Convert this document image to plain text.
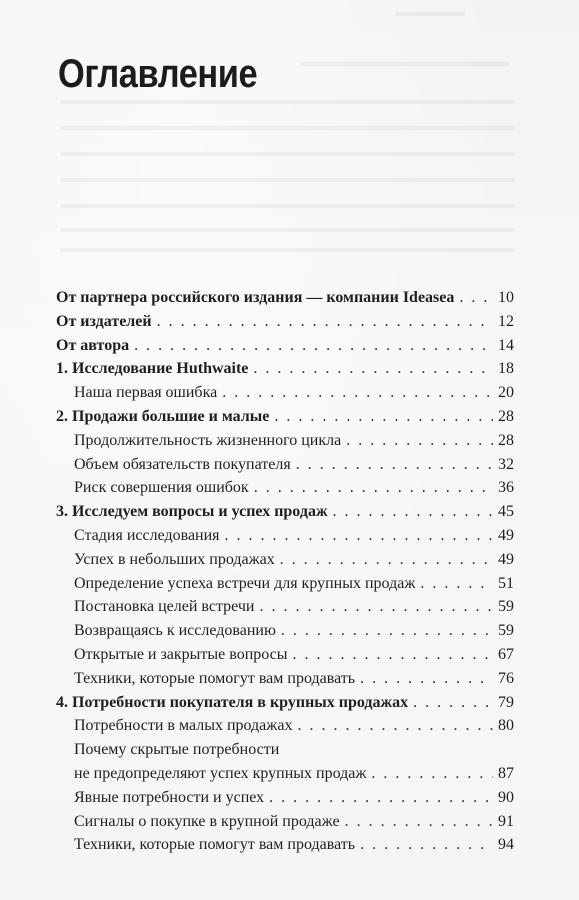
Оглавление
От партнера российского издания — компании Ideasea . . .	10
От издателей . . .	12
От автора . . .	14
1. Исследование Huthwaite . . .	18
Наша первая ошибка . . .	20
2. Продажи большие и малые . . .	28
Продолжительность жизненного цикла . . .	28
Объем обязательств покупателя . . .	32
Риск совершения ошибок . . .	36
3. Исследуем вопросы и успех продаж . . .	45
Стадия исследования . . .	49
Успех в небольших продажах . . .	49
Определение успеха встречи для крупных продаж . . .	51
Постановка целей встречи . . .	59
Возвращаясь к исследованию . . .	59
Открытые и закрытые вопросы . . .	67
Техники, которые помогут вам продавать . . .	76
4. Потребности покупателя в крупных продажах . . .	79
Потребности в малых продажах . . .	80
Почему скрытые потребности
не предопределяют успех крупных продаж . . .	87
Явные потребности и успех . . .	90
Сигналы о покупке в крупной продаже . . .	91
Техники, которые помогут вам продавать . . .	94
